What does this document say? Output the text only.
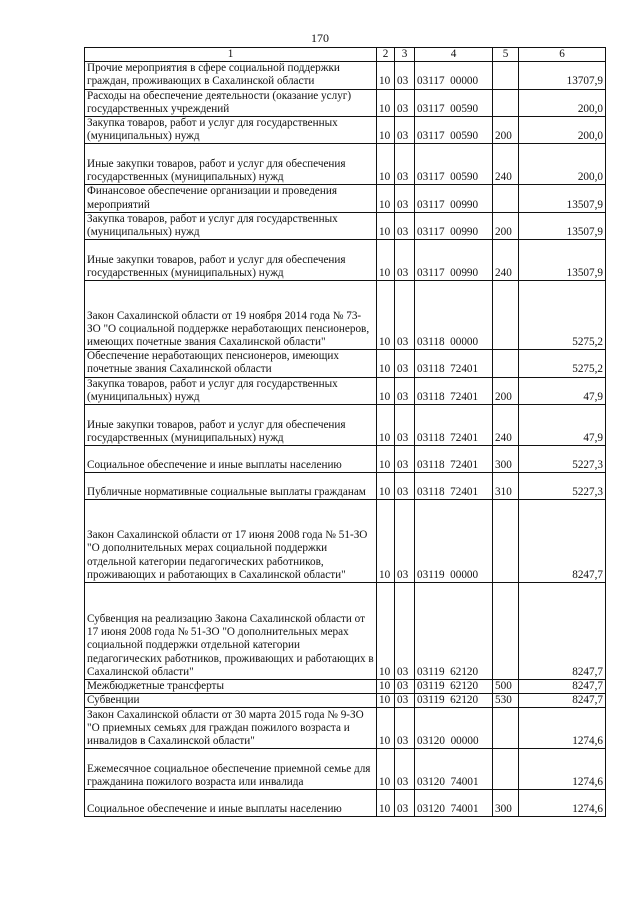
170
1	2	3	4	5	6
Прочие мероприятия в сфере социальной поддержки граждан, проживающих в Сахалинской области	10	03	03117  00000		13707,9
Расходы на обеспечение деятельности (оказание услуг) государственных учреждений	10	03	03117  00590		200,0
Закупка товаров, работ и услуг для государственных (муниципальных) нужд	10	03	03117  00590	200	200,0
Иные закупки товаров, работ и услуг для обеспечения государственных (муниципальных) нужд	10	03	03117  00590	240	200,0
Финансовое обеспечение организации и проведения мероприятий	10	03	03117  00990		13507,9
Закупка товаров, работ и услуг для государственных (муниципальных) нужд	10	03	03117  00990	200	13507,9
Иные закупки товаров, работ и услуг для обеспечения государственных (муниципальных) нужд	10	03	03117  00990	240	13507,9
Закон Сахалинской области от 19 ноября 2014 года № 73-ЗО "О социальной поддержке неработающих пенсионеров, имеющих почетные звания Сахалинской области"	10	03	03118  00000		5275,2
Обеспечение неработающих пенсионеров, имеющих почетные звания Сахалинской области	10	03	03118  72401		5275,2
Закупка товаров, работ и услуг для государственных (муниципальных) нужд	10	03	03118  72401	200	47,9
Иные закупки товаров, работ и услуг для обеспечения государственных (муниципальных) нужд	10	03	03118  72401	240	47,9
Социальное обеспечение и иные выплаты населению	10	03	03118  72401	300	5227,3
Публичные нормативные социальные выплаты гражданам	10	03	03118  72401	310	5227,3
Закон Сахалинской области от 17 июня 2008 года № 51-ЗО "О дополнительных мерах социальной поддержки отдельной категории педагогических работников, проживающих и работающих в Сахалинской области"	10	03	03119  00000		8247,7
Субвенция на реализацию Закона Сахалинской области от 17 июня 2008 года № 51-ЗО "О дополнительных мерах социальной поддержки отдельной категории педагогических работников, проживающих и работающих в Сахалинской области"	10	03	03119  62120		8247,7
Межбюджетные трансферты	10	03	03119  62120	500	8247,7
Субвенции	10	03	03119  62120	530	8247,7
Закон Сахалинской области от 30 марта 2015 года № 9-ЗО "О приемных семьях для граждан пожилого возраста и инвалидов в Сахалинской области"	10	03	03120  00000		1274,6
Ежемесячное социальное обеспечение приемной семье для гражданина пожилого возраста или инвалида	10	03	03120  74001		1274,6
Социальное обеспечение и иные выплаты населению	10	03	03120  74001	300	1274,6
